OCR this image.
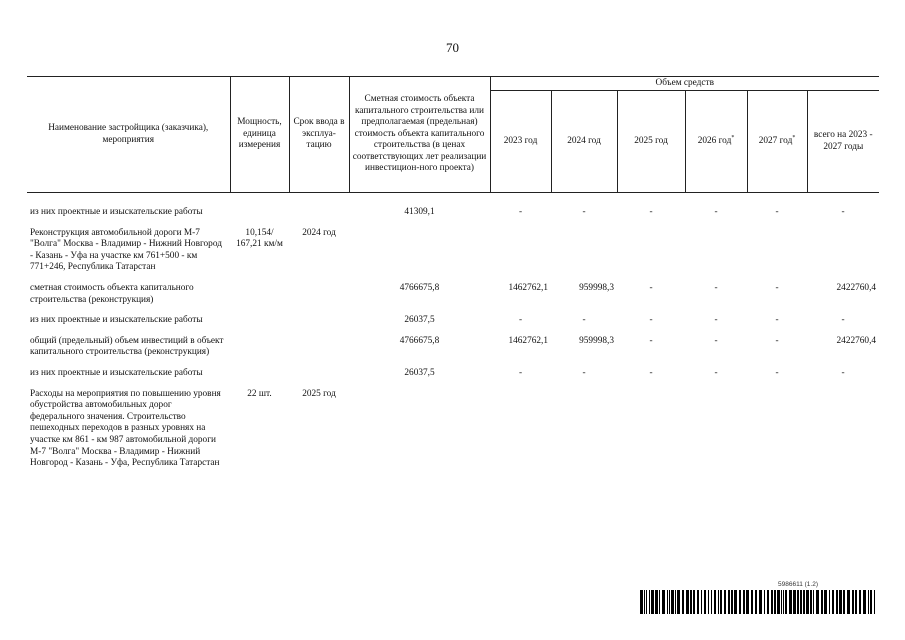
70
Наименование застройщика (заказчика), мероприятия	Мощность, единица измерения	Срок ввода в эксплуа-тацию	Сметная стоимость объекта капитального строительства или предполагаемая (предельная) стоимость объекта капитального строительства (в ценах соответствующих лет реализации инвестицион-ного проекта)	Объем средств					
				2023 год	2024 год	2025 год	2026 год*	2027 год*	всего на 2023 - 2027 годы

из них проектные и изыскательские работы			41309,1	-	-	-	-	-	-
Реконструкция автомобильной дороги М-7 "Волга" Москва - Владимир - Нижний Новгород - Казань - Уфа на участке км 761+500 - км 771+246, Республика Татарстан	10,154/ 167,21 км/м	2024 год							
сметная стоимость объекта капитального строительства (реконструкция)			4766675,8	1462762,1	959998,3	-	-	-	2422760,4
из них проектные и изыскательские работы			26037,5	-	-	-	-	-	-
общий (предельный) объем инвестиций в объект капитального строительства (реконструкция)			4766675,8	1462762,1	959998,3	-	-	-	2422760,4
из них проектные и изыскательские работы			26037,5	-	-	-	-	-	-
Расходы на мероприятия по повышению уровня обустройства автомобильных дорог федерального значения. Строительство пешеходных переходов в разных уровнях на участке км 861 - км 987 автомобильной дороги М-7 "Волга" Москва - Владимир - Нижний Новгород - Казань - Уфа, Республика Татарстан	22 шт.	2025 год							
5986611 (1.2)
